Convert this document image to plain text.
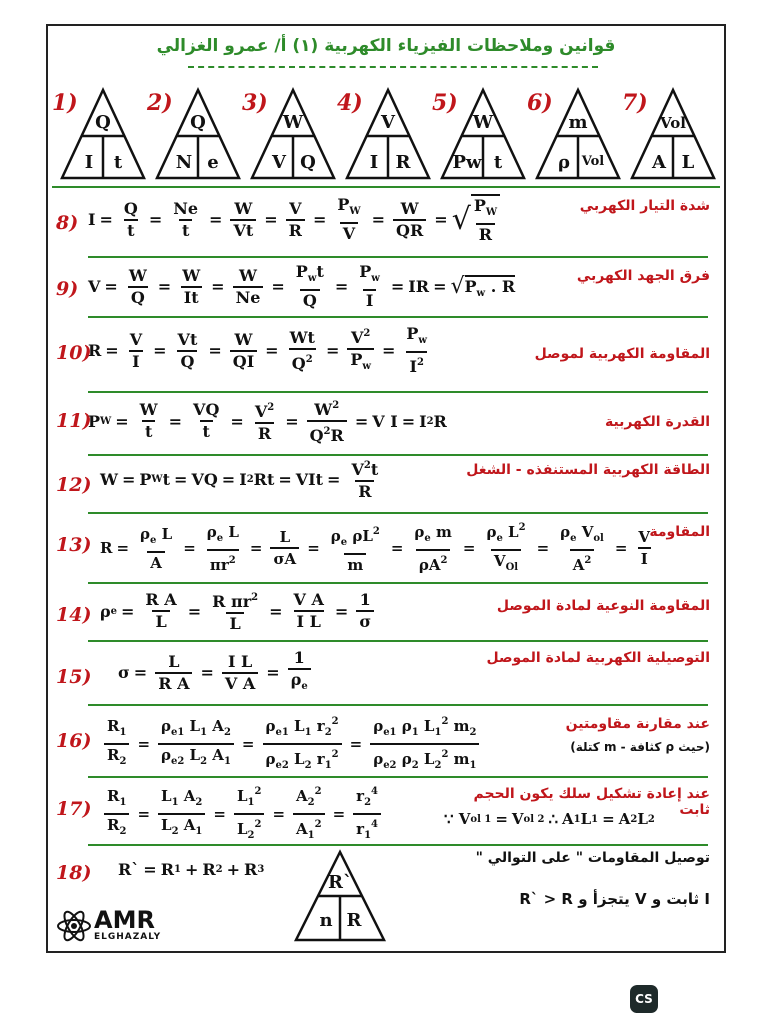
قوانين وملاحظات الفيزياء الكهربية (١) أ/ عمرو الغزالي
1)
Q
I	t
2)
Q
N e
3)
W
V Q
4)
V
I R
5)
W
Pw t
6)
m
ρ Vol
7)
Vol
A L
8) $I = \frac{Q}{t} = \frac{Ne}{t} = \frac{W}{Vt} = \frac{V}{R} = \frac{P_W}{V} = \frac{W}{QR}$ = √ $\frac{P_W}{R}$	شدة التيار الكهربي
9) $V = \frac{W}{Q} = \frac{W}{It} = \frac{W}{Ne} = \frac{P_wt}{Q} = \frac{P_w}{I}$ = IR = √ $P_w$ . R
فرق الجهد الكهربي
10)
$R = \frac{V}{I} = \frac{Vt}{Q} = \frac{W}{QI} = \frac{Wt}{Q^2} = \frac{V^2}{P_w} = \frac{P_w}{I^2}$	المقاومة الكهربية لموصل
11)
P $W = \frac{W}{t} = \frac{VQ}{t} = \frac{V^2}{R} = \frac{W^2}{Q^2R} = V$ I = I 2 R	القدرة الكهربية
12) W = P W t = VQ = I 2 Rt = VIt = $\frac{V^2t}{R}$	الطاقة الكهربية المستنفذه - الشغل
13) $R = \frac{\rho_e L}{A} = \frac{\rho_e L}{\pi r^2} = \frac{L}{\sigma A} = \frac{\rho_e \rho L^2}{m} = \frac{\rho_e m}{\rho A^2} = \frac{\rho_e L^2}{V_{Ol}} = \frac{\rho_e V_{ol}}{A^2} = \frac{V}{I}$
المقاومة
14) ρ $e = \frac{\text{R A}}{L} = \frac{R \pi r^2}{L} = \frac{\text{V A}}{\text{I L}} = \frac{1}{\sigma}$	المقاومة النوعية لمادة الموصل
15) $\sigma = \frac{L}{\text{R A}} = \frac{\text{I L}}{\text{V A}} = \frac{1}{\rho_e}$	التوصيلية الكهربية لمادة الموصل
$16) \frac{R_1}{R_2} = \frac{\rho_{e1} L_1 A_2}{\rho_{e2} L_2 A_1} = \frac{\rho_{e1} L_1 r_2^2}{\rho_{e2} L_2 r_1^2} = \frac{\rho_{e1} \rho_1 L_1^2 m_2}{\rho_{e2} \rho_2 L_2^2 m_1}$	عند مقارنة مقاومتين
(حيث ρ كثافة - m كتلة)
$17) \frac{R_1}{R_2} = \frac{L_1 A_2}{L_2 A_1} = \frac{L_1^2}{L_2^2} = \frac{A_2^2}{A_1^2} = \frac{r_2^4}{r_1^4}$	عند إعادة تشكيل سلك يكون الحجم ثابت
∵ V ol 1 = V ol 2 ∴ A 1 L 1 = A 2 L 2
18) R` = R 1 + R 2 + R 3
توصيل المقاومات " على التوالي "
I ثابت و V يتجزأ و R` > R
R`
n R
AMR
ELGHAZALY
CS
